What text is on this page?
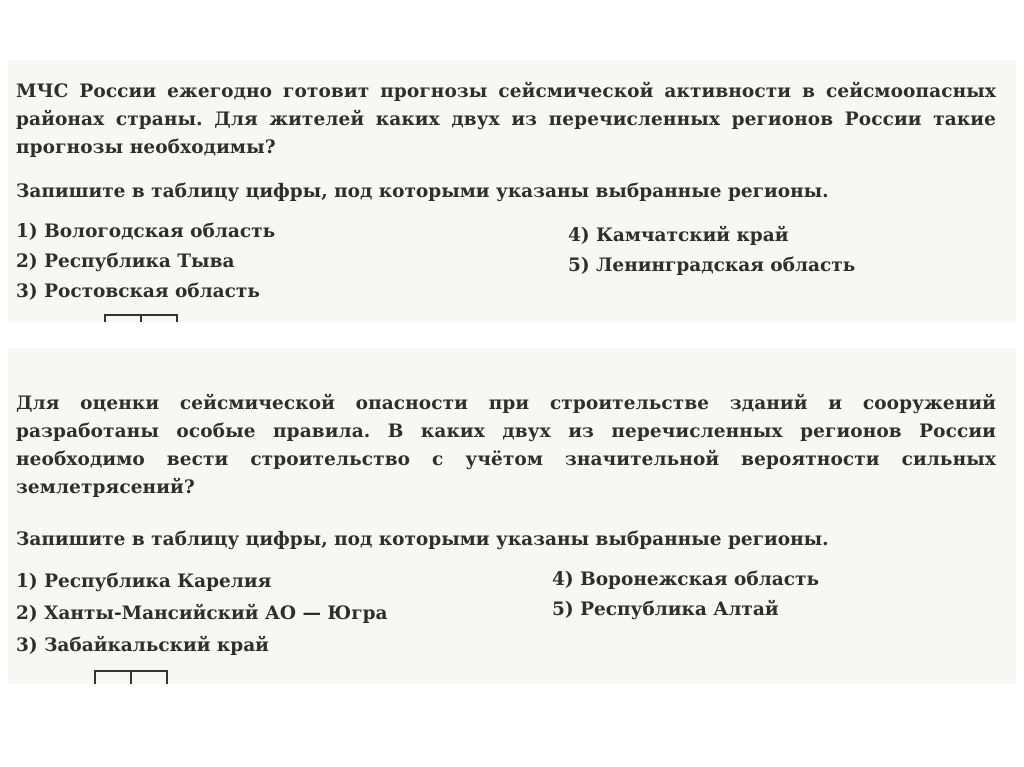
МЧС России ежегодно готовит прогнозы сейсмической активности в сейсмоопасных районах страны. Для жителей каких двух из перечисленных регионов России такие прогнозы необходимы?
Запишите в таблицу цифры, под которыми указаны выбранные регионы.
1) Вологодская область
2) Республика Тыва
3) Ростовская область
4) Камчатский край
5) Ленинградская область

Для оценки сейсмической опасности при строительстве зданий и сооружений разработаны особые правила. В каких двух из перечисленных регионов России необходимо вести строительство с учётом значительной вероятности сильных землетрясений?
Запишите в таблицу цифры, под которыми указаны выбранные регионы.
1) Республика Карелия
2) Ханты-Мансийский АО — Югра
3) Забайкальский край
4) Воронежская область
5) Республика Алтай
